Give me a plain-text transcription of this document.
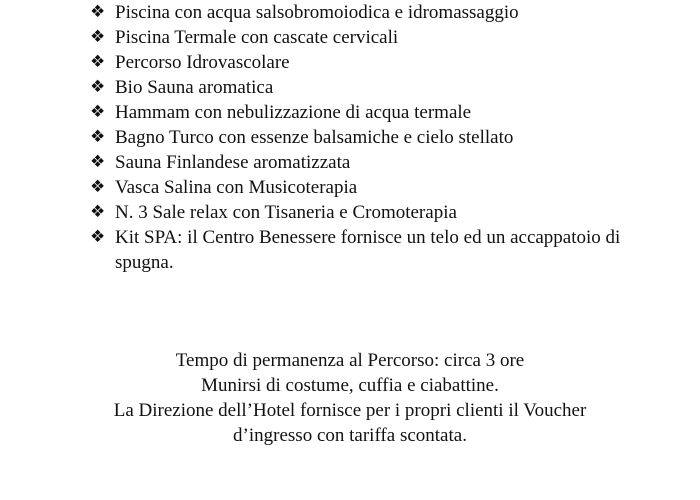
❖ Piscina con acqua salsobromoiodica e idromassaggio
❖ Piscina Termale con cascate cervicali
❖ Percorso Idrovascolare
❖ Bio Sauna aromatica
❖ Hammam con nebulizzazione di acqua termale
❖ Bagno Turco con essenze balsamiche e cielo stellato
❖ Sauna Finlandese aromatizzata
❖ Vasca Salina con Musicoterapia
❖ N. 3 Sale relax con Tisaneria e Cromoterapia
❖ Kit SPA: il Centro Benessere fornisce un telo ed un accappatoio di spugna.

Tempo di permanenza al Percorso: circa 3 ore

Munirsi di costume, cuffia e ciabattine.

La Direzione dell’Hotel fornisce per i propri clienti il Voucher

d’ingresso con tariffa scontata.
